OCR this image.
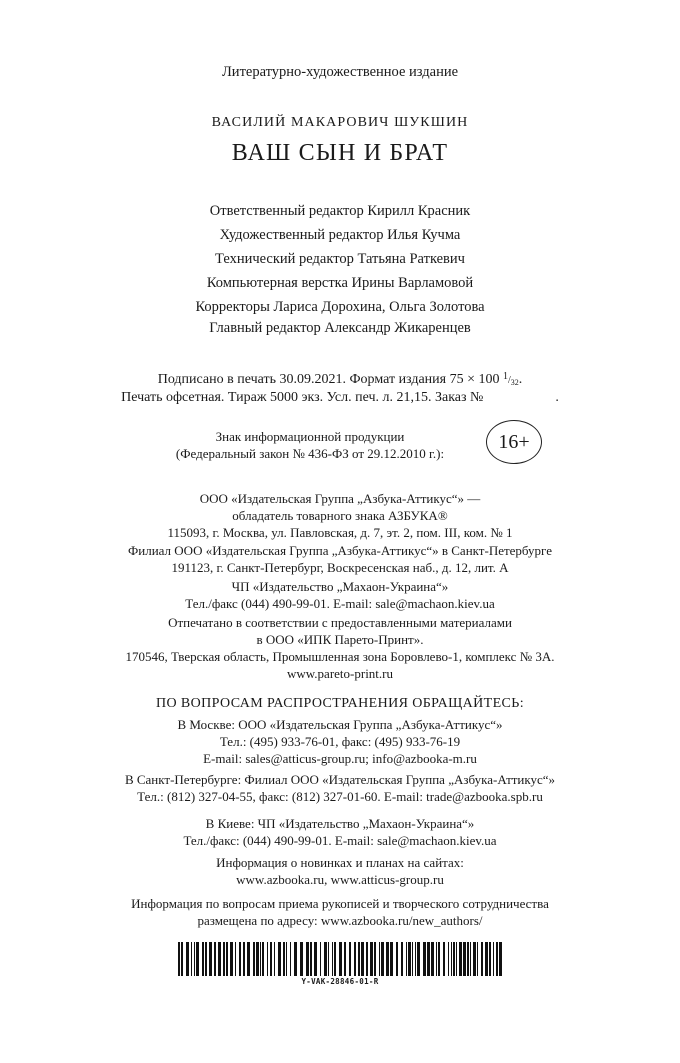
Литературно-художественное издание
ВАСИЛИЙ МАКАРОВИЧ ШУКШИН
ВАШ СЫН И БРАТ
Ответственный редактор Кирилл Красник
Художественный редактор Илья Кучма
Технический редактор Татьяна Раткевич
Компьютерная верстка Ирины Варламовой
Корректоры Лариса Дорохина, Ольга Золотова
Главный редактор Александр Жикаренцев
Подписано в печать 30.09.2021. Формат издания 75 × 100 $1/_{32}$.
Печать офсетная. Тираж 5000 экз. Усл. печ. л. 21,15. Заказ №	.
Знак информационной продукции
(Федеральный закон № 436-ФЗ от 29.12.2010 г.):
16+
ООО «Издательская Группа „Азбука-Аттикус“» —
обладатель товарного знака АЗБУКА®
115093, г. Москва, ул. Павловская, д. 7, эт. 2, пом. III, ком. № 1
Филиал ООО «Издательская Группа „Азбука-Аттикус“» в Санкт-Петербурге
191123, г. Санкт-Петербург, Воскресенская наб., д. 12, лит. А
ЧП «Издательство „Махаон-Украина“»
Тел./факс (044) 490-99-01. E-mail: sale@machaon.kiev.ua
Отпечатано в соответствии с предоставленными материалами
в ООО «ИПК Парето-Принт».
170546, Тверская область, Промышленная зона Боровлево-1, комплекс № 3А.
www.pareto-print.ru
ПО ВОПРОСАМ РАСПРОСТРАНЕНИЯ ОБРАЩАЙТЕСЬ:
В Москве: ООО «Издательская Группа „Азбука-Аттикус“»
Тел.: (495) 933-76-01, факс: (495) 933-76-19
E-mail: sales@atticus-group.ru; info@azbooka-m.ru
В Санкт-Петербурге: Филиал ООО «Издательская Группа „Азбука-Аттикус“»
Тел.: (812) 327-04-55, факс: (812) 327-01-60. E-mail: trade@azbooka.spb.ru
В Киеве: ЧП «Издательство „Махаон-Украина“»
Тел./факс: (044) 490-99-01. E-mail: sale@machaon.kiev.ua
Информация о новинках и планах на сайтах:
www.azbooka.ru, www.atticus-group.ru
Информация по вопросам приема рукописей и творческого сотрудничества
размещена по адресу: www.azbooka.ru/new_authors/
Y-VAK-28846-01-R
